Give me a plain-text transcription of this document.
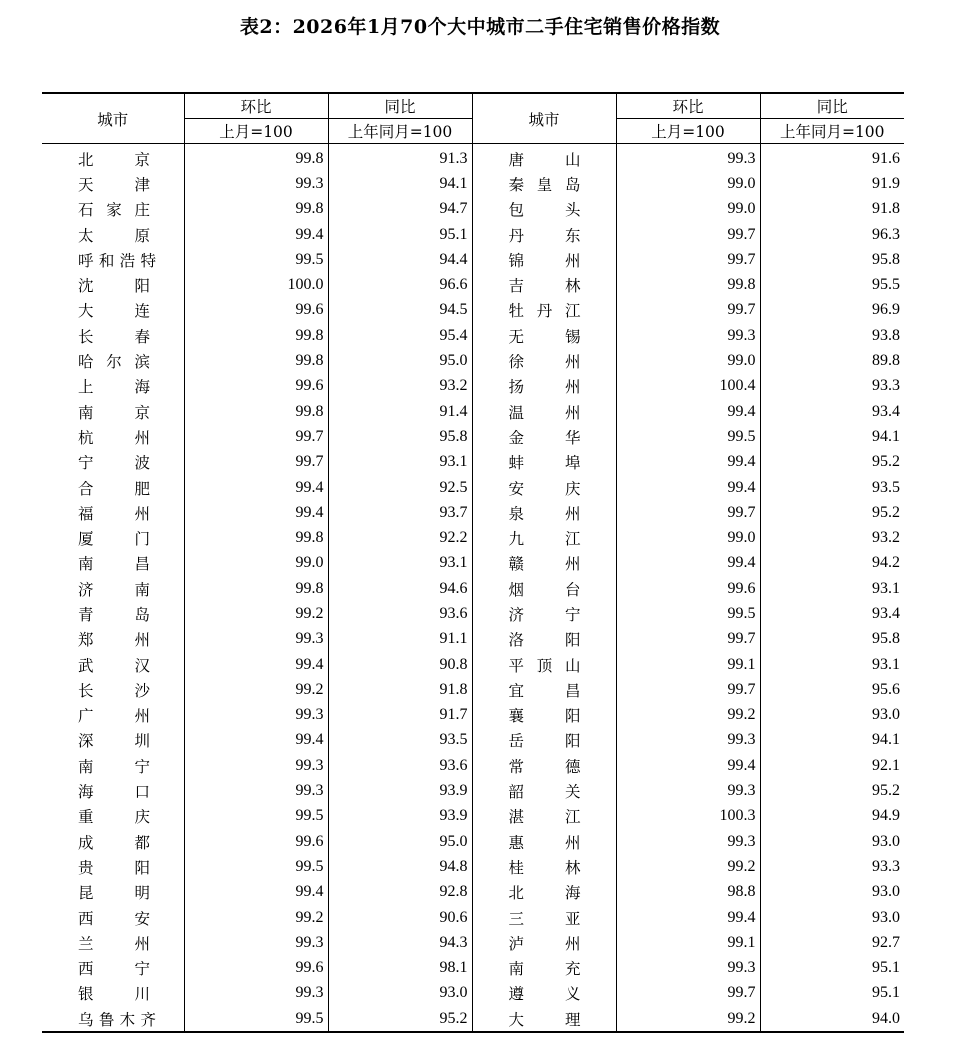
表2：2026年1月70个大中城市二手住宅销售价格指数
城市	环比	同比	城市	环比	同比
	上月=100	上年同月=100		上月=100	上年同月=100
北京	99.8	91.3	唐山	99.3	91.6
天津	99.3	94.1	秦皇岛	99.0	91.9
石家庄	99.8	94.7	包头	99.0	91.8
太原	99.4	95.1	丹东	99.7	96.3
呼和浩特	99.5	94.4	锦州	99.7	95.8
沈阳	100.0	96.6	吉林	99.8	95.5
大连	99.6	94.5	牡丹江	99.7	96.9
长春	99.8	95.4	无锡	99.3	93.8
哈尔滨	99.8	95.0	徐州	99.0	89.8
上海	99.6	93.2	扬州	100.4	93.3
南京	99.8	91.4	温州	99.4	93.4
杭州	99.7	95.8	金华	99.5	94.1
宁波	99.7	93.1	蚌埠	99.4	95.2
合肥	99.4	92.5	安庆	99.4	93.5
福州	99.4	93.7	泉州	99.7	95.2
厦门	99.8	92.2	九江	99.0	93.2
南昌	99.0	93.1	赣州	99.4	94.2
济南	99.8	94.6	烟台	99.6	93.1
青岛	99.2	93.6	济宁	99.5	93.4
郑州	99.3	91.1	洛阳	99.7	95.8
武汉	99.4	90.8	平顶山	99.1	93.1
长沙	99.2	91.8	宜昌	99.7	95.6
广州	99.3	91.7	襄阳	99.2	93.0
深圳	99.4	93.5	岳阳	99.3	94.1
南宁	99.3	93.6	常德	99.4	92.1
海口	99.3	93.9	韶关	99.3	95.2
重庆	99.5	93.9	湛江	100.3	94.9
成都	99.6	95.0	惠州	99.3	93.0
贵阳	99.5	94.8	桂林	99.2	93.3
昆明	99.4	92.8	北海	98.8	93.0
西安	99.2	90.6	三亚	99.4	93.0
兰州	99.3	94.3	泸州	99.1	92.7
西宁	99.6	98.1	南充	99.3	95.1
银川	99.3	93.0	遵义	99.7	95.1
乌鲁木齐	99.5	95.2	大理	99.2	94.0
